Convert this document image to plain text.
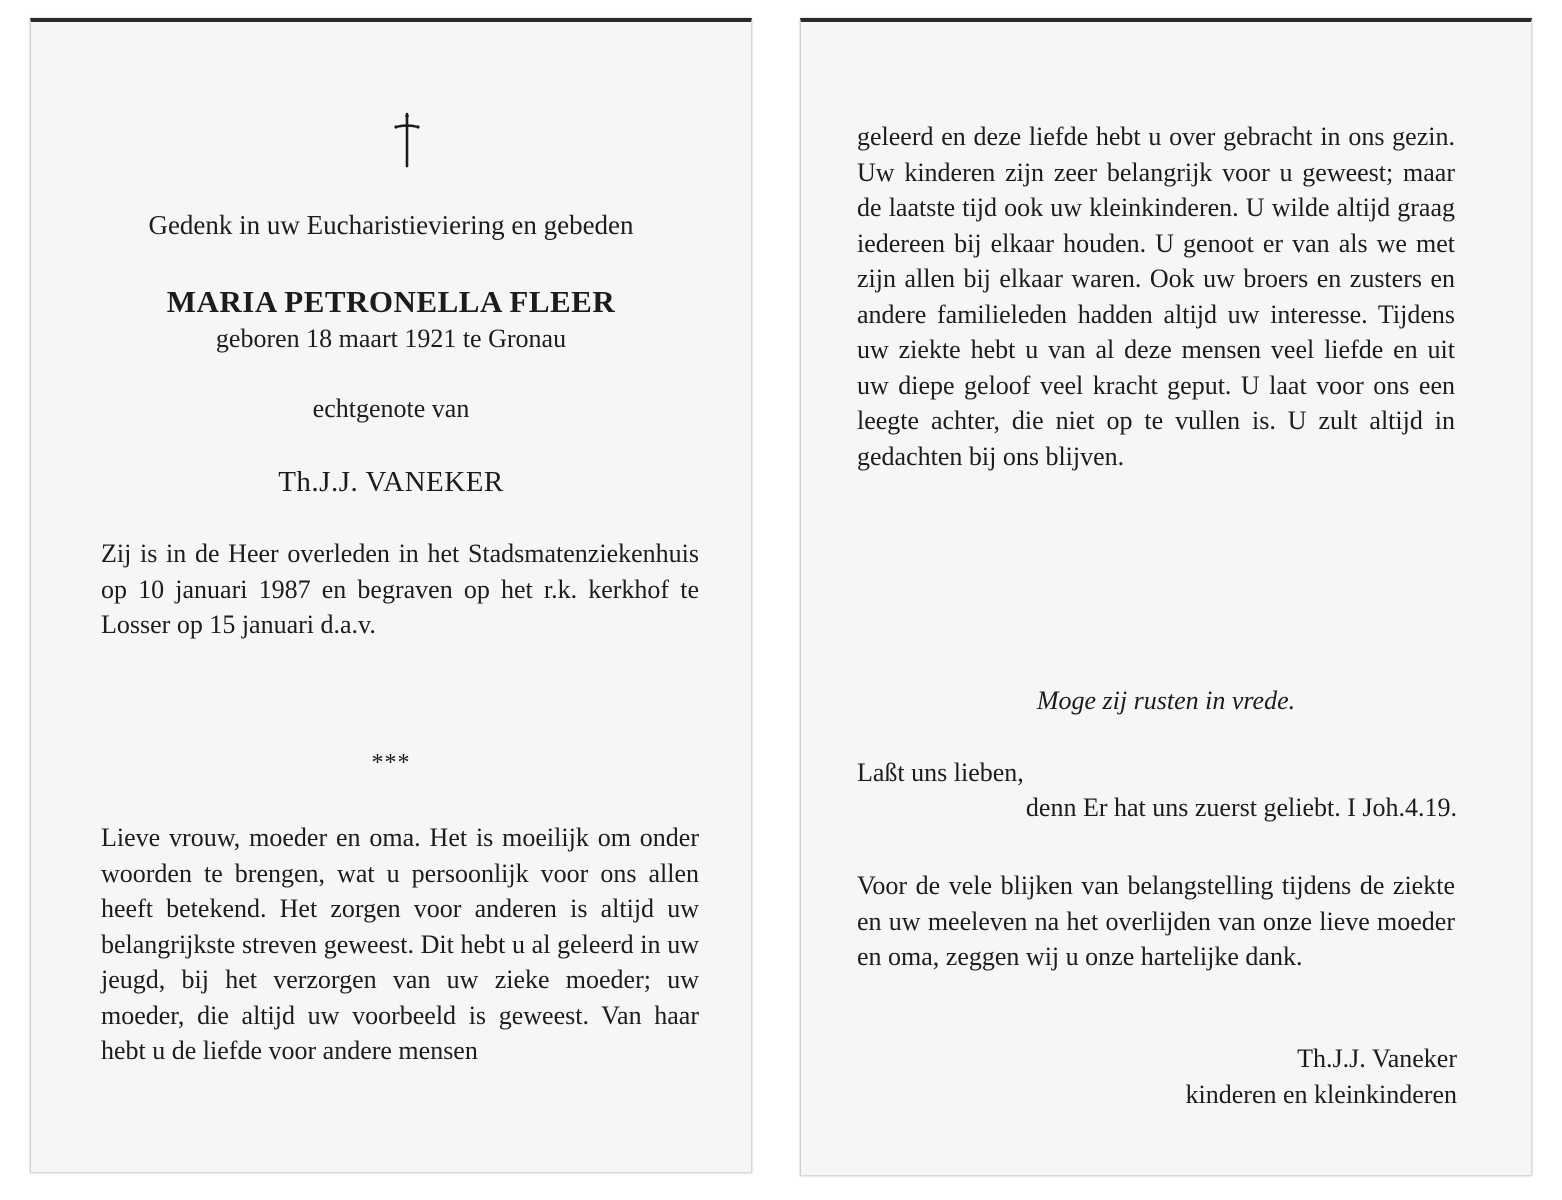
Gedenk in uw Eucharistieviering en gebeden
MARIA PETRONELLA FLEER
geboren 18 maart 1921 te Gronau
echtgenote van
Th.J.J. VANEKER

Zij is in de Heer overleden in het Stadsmatenziekenhuis op 10 januari 1987 en begraven op het r.k. kerkhof te Losser op 15 januari d.a.v.

***

Lieve vrouw, moeder en oma. Het is moeilijk om onder woorden te brengen, wat u persoonlijk voor ons allen heeft betekend. Het zorgen voor anderen is altijd uw belangrijkste streven geweest. Dit hebt u al geleerd in uw jeugd, bij het verzorgen van uw zieke moeder; uw moeder, die altijd uw voorbeeld is geweest. Van haar hebt u de liefde voor andere mensen

geleerd en deze liefde hebt u over gebracht in ons gezin. Uw kinderen zijn zeer belangrijk voor u geweest; maar de laatste tijd ook uw kleinkinderen. U wilde altijd graag iedereen bij elkaar houden. U genoot er van als we met zijn allen bij elkaar waren. Ook uw broers en zusters en andere familieleden hadden altijd uw interesse. Tijdens uw ziekte hebt u van al deze mensen veel liefde en uit uw diepe geloof veel kracht geput. U laat voor ons een leegte achter, die niet op te vullen is. U zult altijd in gedachten bij ons blijven.

Moge zij rusten in vrede.
Laßt uns lieben,
denn Er hat uns zuerst geliebt. I Joh.4.19.

Voor de vele blijken van belangstelling tijdens de ziekte en uw meeleven na het overlijden van onze lieve moeder en oma, zeggen wij u onze hartelijke dank.

Th.J.J. Vaneker
kinderen en kleinkinderen
